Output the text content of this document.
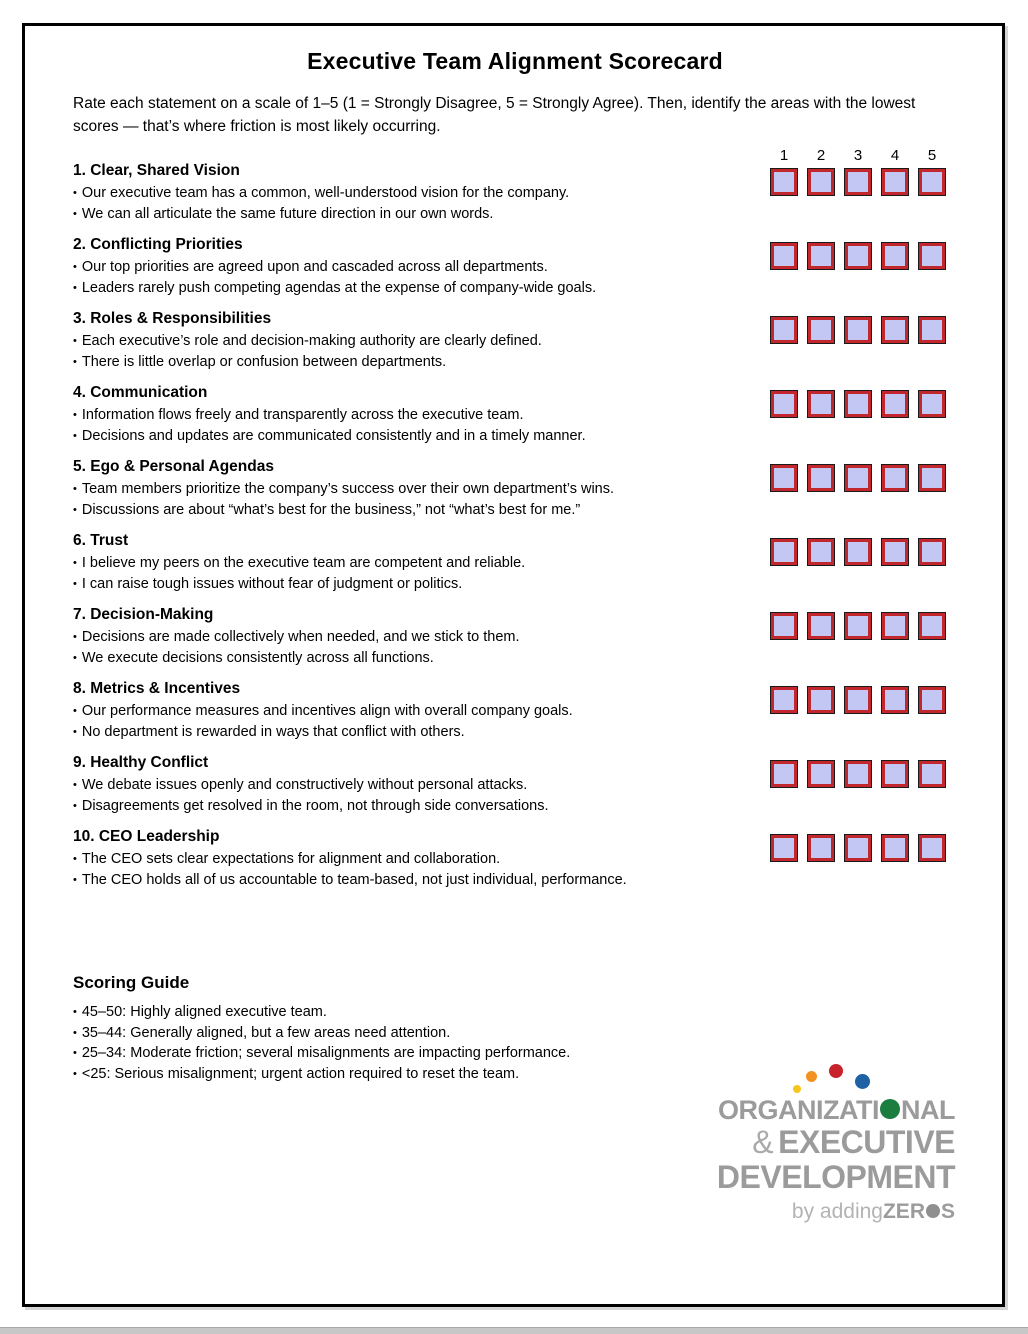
Executive Team Alignment Scorecard

Rate each statement on a scale of 1–5 (1 = Strongly Disagree, 5 = Strongly Agree). Then, identify the areas with the lowest scores — that’s where friction is most likely occurring.

1. Clear, Shared Vision
• Our executive team has a common, well-understood vision for the company.
• We can all articulate the same future direction in our own words.
1	2	3	4	5
2. Conflicting Priorities
• Our top priorities are agreed upon and cascaded across all departments.
• Leaders rarely push competing agendas at the expense of company-wide goals.
3. Roles & Responsibilities
• Each executive’s role and decision-making authority are clearly defined.
• There is little overlap or confusion between departments.
4. Communication
• Information flows freely and transparently across the executive team.
• Decisions and updates are communicated consistently and in a timely manner.
5. Ego & Personal Agendas
• Team members prioritize the company’s success over their own department’s wins.
• Discussions are about “what’s best for the business,” not “what’s best for me.”
6. Trust
• I believe my peers on the executive team are competent and reliable.
• I can raise tough issues without fear of judgment or politics.
7. Decision-Making
• Decisions are made collectively when needed, and we stick to them.
• We execute decisions consistently across all functions.
8. Metrics & Incentives
• Our performance measures and incentives align with overall company goals.
• No department is rewarded in ways that conflict with others.
9. Healthy Conflict
• We debate issues openly and constructively without personal attacks.
• Disagreements get resolved in the room, not through side conversations.
10. CEO Leadership
• The CEO sets clear expectations for alignment and collaboration.
• The CEO holds all of us accountable to team-based, not just individual, performance.
Scoring Guide
• 45–50: Highly aligned executive team.
• 35–44: Generally aligned, but a few areas need attention.
• 25–34: Moderate friction; several misalignments are impacting performance.
• <25: Serious misalignment; urgent action required to reset the team.
ORGANIZATI NAL
& EXECUTIVE
DEVELOPMENT
by addingZER S
